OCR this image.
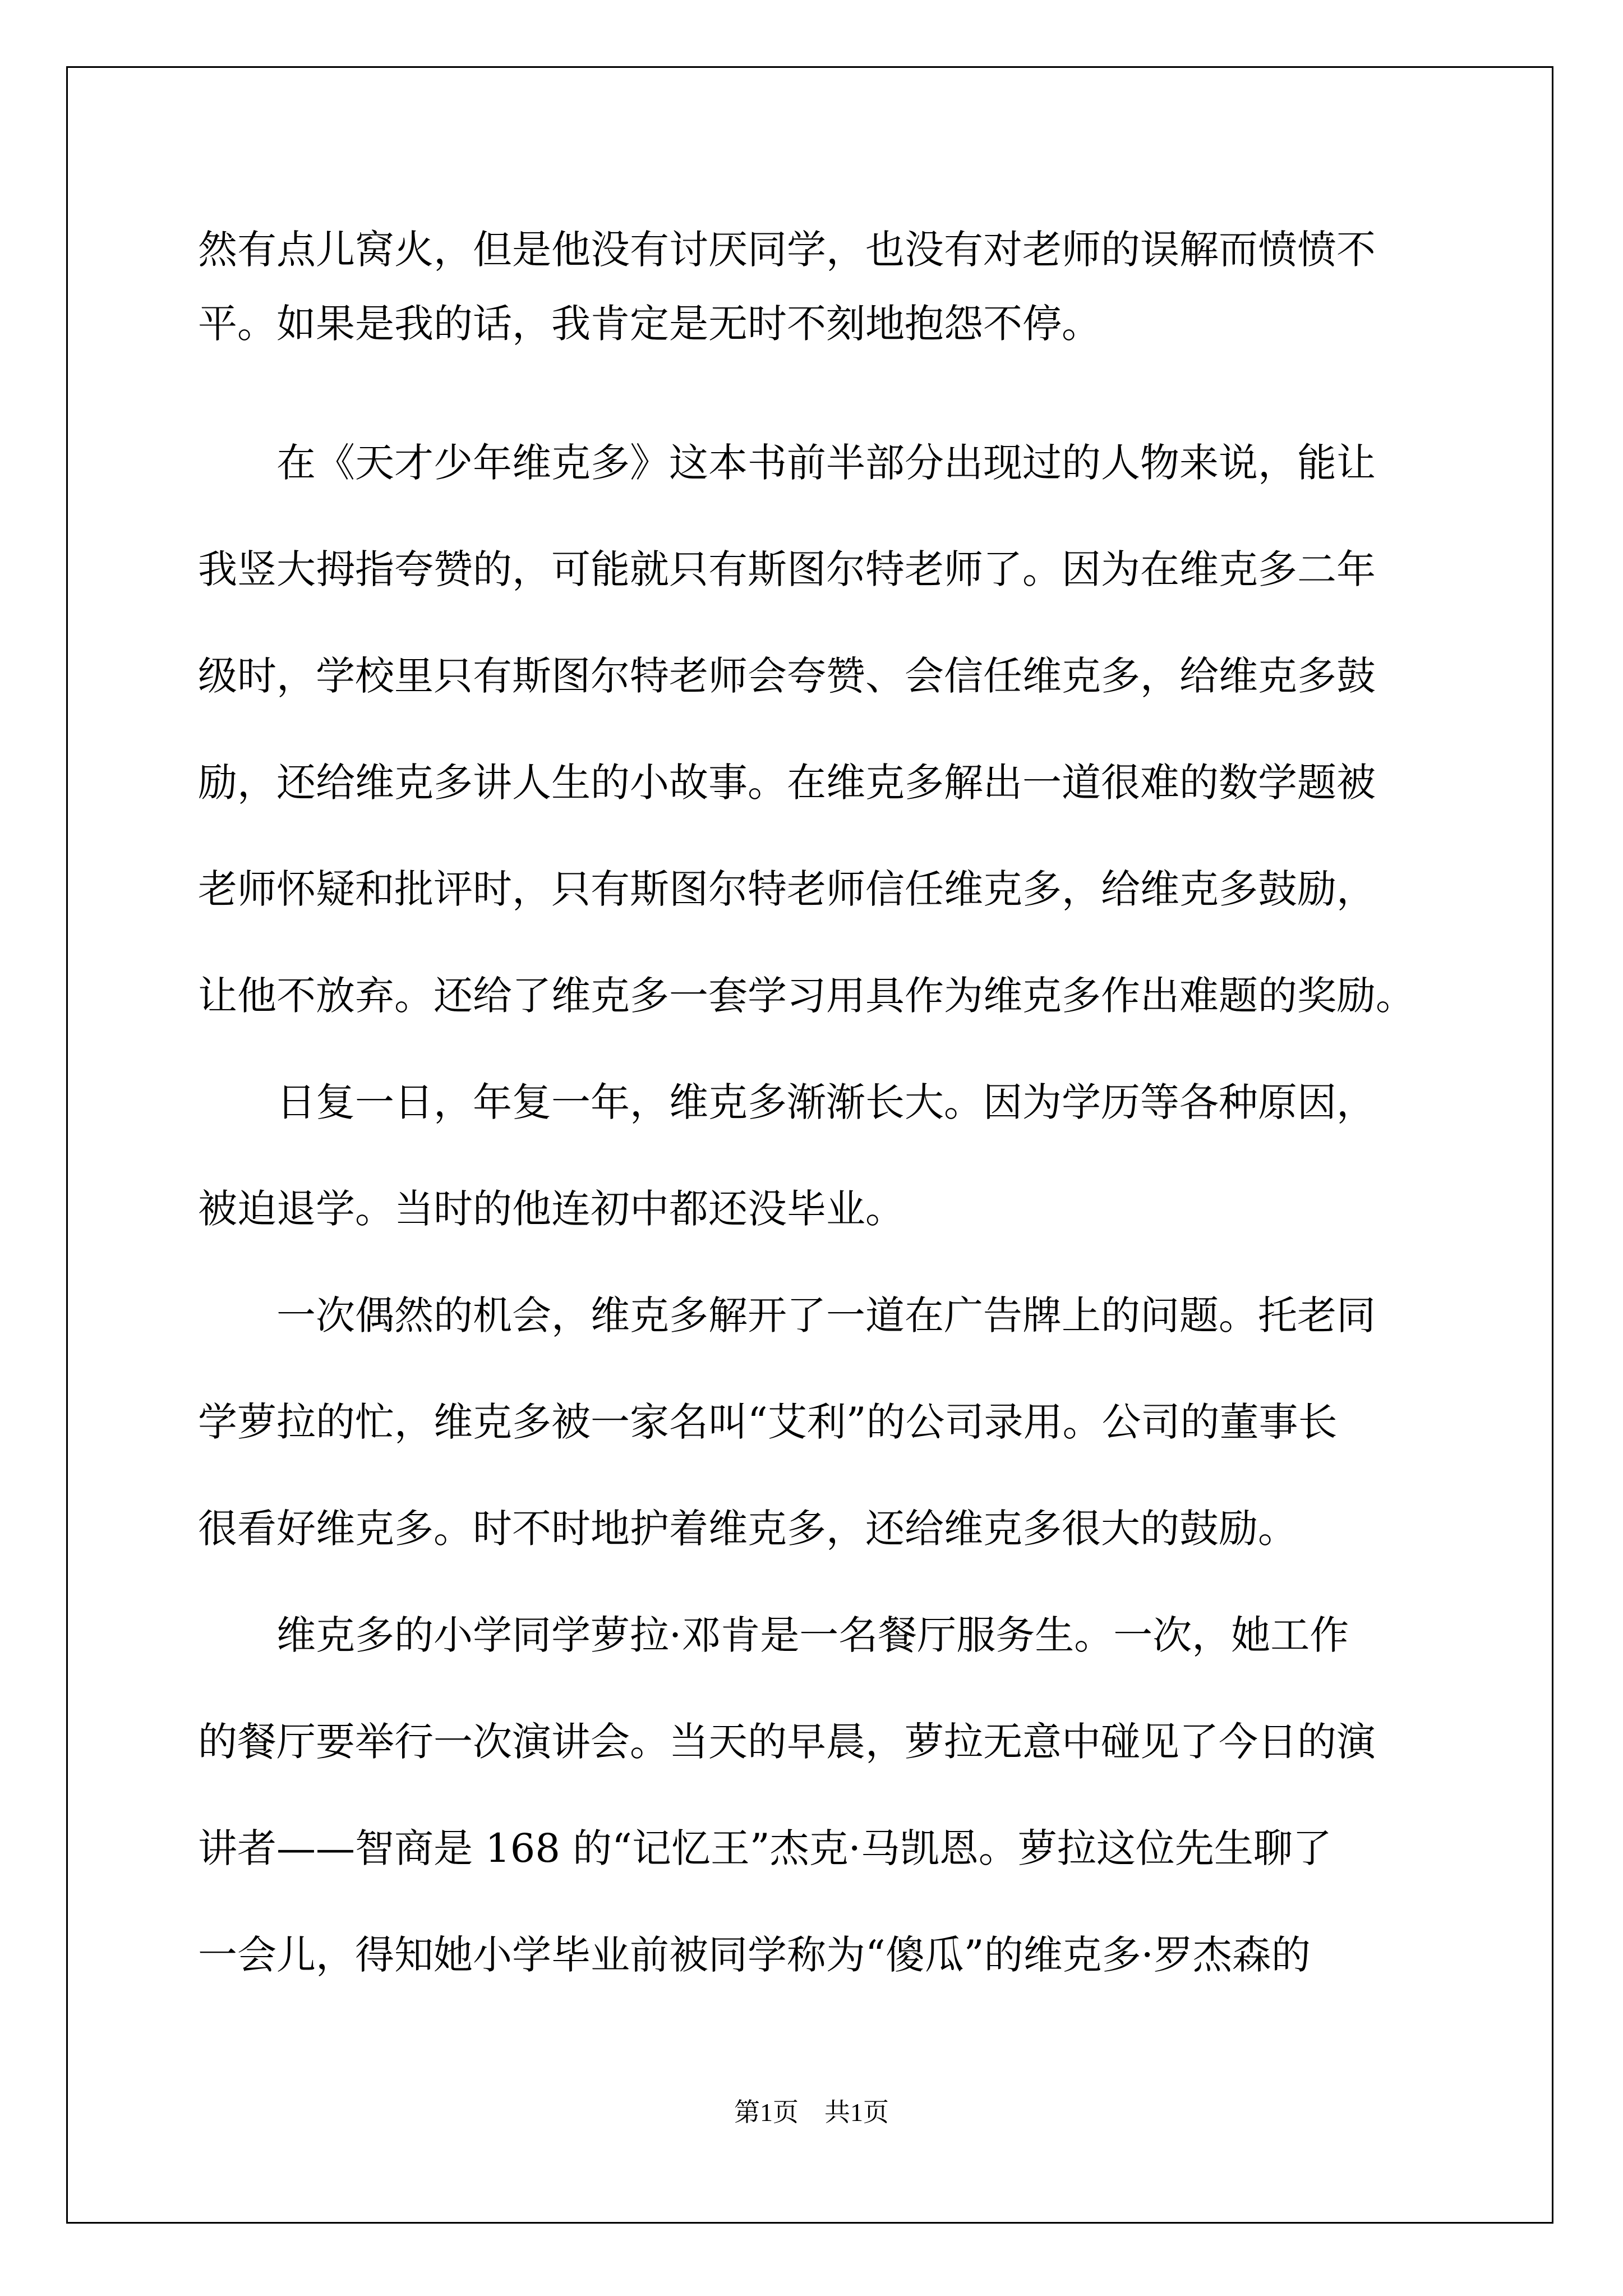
然有点儿窝火，但是他没有讨厌同学，也没有对老师的误解而愤愤不
平。如果是我的话，我肯定是无时不刻地抱怨不停。
　　在《天才少年维克多》这本书前半部分出现过的人物来说，能让
我竖大拇指夸赞的，可能就只有斯图尔特老师了。因为在维克多二年
级时，学校里只有斯图尔特老师会夸赞、会信任维克多，给维克多鼓
励，还给维克多讲人生的小故事。在维克多解出一道很难的数学题被
老师怀疑和批评时，只有斯图尔特老师信任维克多，给维克多鼓励，
让他不放弃。还给了维克多一套学习用具作为维克多作出难题的奖励。
　　日复一日，年复一年，维克多渐渐长大。因为学历等各种原因，
被迫退学。当时的他连初中都还没毕业。
　　一次偶然的机会，维克多解开了一道在广告牌上的问题。托老同
学萝拉的忙，维克多被一家名叫“艾利”的公司录用。公司的董事长
很看好维克多。时不时地护着维克多，还给维克多很大的鼓励。
　　维克多的小学同学萝拉·邓肯是一名餐厅服务生。一次，她工作
的餐厅要举行一次演讲会。当天的早晨，萝拉无意中碰见了今日的演
讲者——智商是 168 的“记忆王”杰克·马凯恩。萝拉这位先生聊了
一会儿，得知她小学毕业前被同学称为“傻瓜”的维克多·罗杰森的
第1页　共1页
